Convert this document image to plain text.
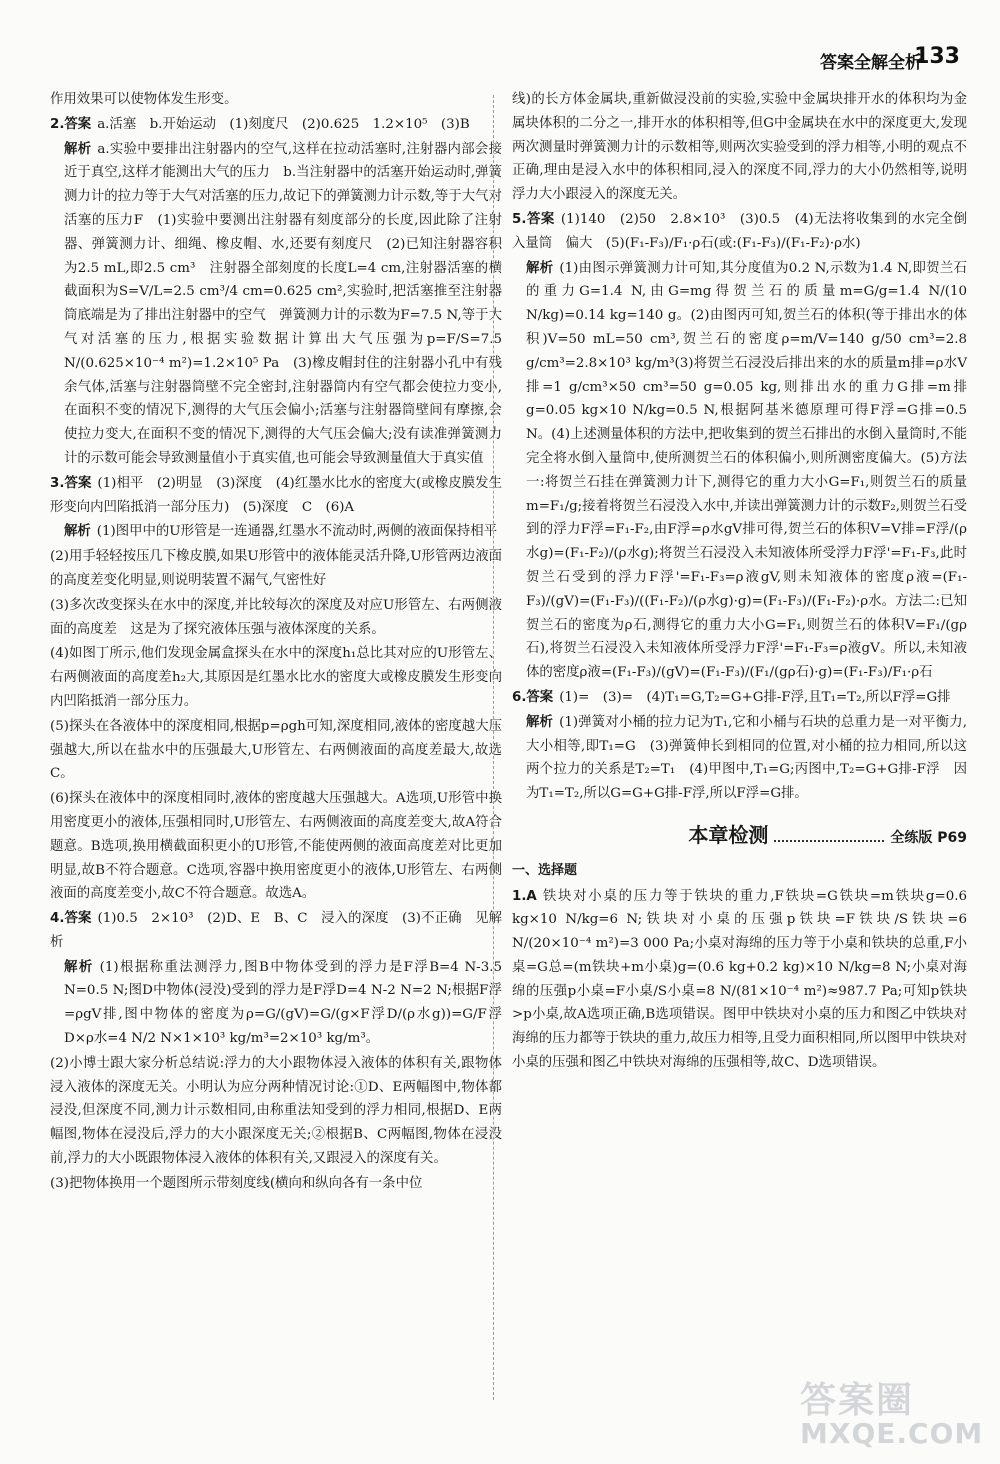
答案全解全析
133

作用效果可以使物体发生形变。

2.答案 a.活塞　b.开始运动　(1)刻度尺　(2)0.625　1.2×10⁵　(3)B

解析 a.实验中要排出注射器内的空气,这样在拉动活塞时,注射器内部会接近于真空,这样才能测出大气的压力　b.当注射器中的活塞开始运动时,弹簧测力计的拉力等于大气对活塞的压力,故记下的弹簧测力计示数,等于大气对活塞的压力F　(1)实验中要测出注射器有刻度部分的长度,因此除了注射器、弹簧测力计、细绳、橡皮帽、水,还要有刻度尺　(2)已知注射器容积为2.5 mL,即2.5 cm³　注射器全部刻度的长度L=4 cm,注射器活塞的横截面积为S=V/L=2.5 cm³/4 cm=0.625 cm²,实验时,把活塞推至注射器筒底端是为了排出注射器中的空气　弹簧测力计的示数为F=7.5 N,等于大气对活塞的压力,根据实验数据计算出大气压强为p=F/S=7.5 N/(0.625×10⁻⁴ m²)=1.2×10⁵ Pa　(3)橡皮帽封住的注射器小孔中有残余气体,活塞与注射器筒壁不完全密封,注射器筒内有空气都会使拉力变小,在面积不变的情况下,测得的大气压会偏小;活塞与注射器筒壁间有摩擦,会使拉力变大,在面积不变的情况下,测得的大气压会偏大;没有读准弹簧测力计的示数可能会导致测量值小于真实值,也可能会导致测量值大于真实值

3.答案 (1)相平　(2)明显　(3)深度　(4)红墨水比水的密度大(或橡皮膜发生形变向内凹陷抵消一部分压力)　(5)深度　C　(6)A

解析 (1)图甲中的U形管是一连通器,红墨水不流动时,两侧的液面保持相平

(2)用手轻轻按压几下橡皮膜,如果U形管中的液体能灵活升降,U形管两边液面的高度差变化明显,则说明装置不漏气,气密性好

(3)多次改变探头在水中的深度,并比较每次的深度及对应U形管左、右两侧液面的高度差　这是为了探究液体压强与液体深度的关系。

(4)如图丁所示,他们发现金属盒探头在水中的深度h₁总比其对应的U形管左、右两侧液面的高度差h₂大,其原因是红墨水比水的密度大或橡皮膜发生形变向内凹陷抵消一部分压力。

(5)探头在各液体中的深度相同,根据p=ρgh可知,深度相同,液体的密度越大压强越大,所以在盐水中的压强最大,U形管左、右两侧液面的高度差最大,故选C。

(6)探头在液体中的深度相同时,液体的密度越大压强越大。A选项,U形管中换用密度更小的液体,压强相同时,U形管左、右两侧液面的高度差变大,故A符合题意。B选项,换用横截面积更小的U形管,不能使两侧的液面高度差对比更加明显,故B不符合题意。C选项,容器中换用密度更小的液体,U形管左、右两侧液面的高度差变小,故C不符合题意。故选A。

4.答案 (1)0.5　2×10³　(2)D、E　B、C　浸入的深度　(3)不正确　见解析

解析 (1)根据称重法测浮力,图B中物体受到的浮力是F浮B=4 N-3.5 N=0.5 N;图D中物体(浸没)受到的浮力是F浮D=4 N-2 N=2 N;根据F浮=ρgV排,图中物体的密度为ρ=G/(gV)=G/(g×F浮D/(ρ水g))=G/F浮D×ρ水=4 N/2 N×1×10³ kg/m³=2×10³ kg/m³。

(2)小博士跟大家分析总结说:浮力的大小跟物体浸入液体的体积有关,跟物体浸入液体的深度无关。小明认为应分两种情况讨论:①D、E两幅图中,物体都浸没,但深度不同,测力计示数相同,由称重法知受到的浮力相同,根据D、E两幅图,物体在浸没后,浮力的大小跟深度无关;②根据B、C两幅图,物体在浸没前,浮力的大小既跟物体浸入液体的体积有关,又跟浸入的深度有关。

(3)把物体换用一个题图所示带刻度线(横向和纵向各有一条中位

线)的长方体金属块,重新做浸没前的实验,实验中金属块排开水的体积均为金属块体积的二分之一,排开水的体积相等,但G中金属块在水中的深度更大,发现两次测量时弹簧测力计的示数相等,则两次实验受到的浮力相等,小明的观点不正确,理由是浸入水中的体积相同,浸入的深度不同,浮力的大小仍然相等,说明浮力大小跟浸入的深度无关。

5.答案 (1)140　(2)50　2.8×10³　(3)0.5　(4)无法将收集到的水完全倒入量筒　偏大　(5)(F₁-F₃)/F₁·ρ石(或:(F₁-F₃)/(F₁-F₂)·ρ水)

解析 (1)由图示弹簧测力计可知,其分度值为0.2 N,示数为1.4 N,即贺兰石的重力G=1.4 N,由G=mg得贺兰石的质量m=G/g=1.4 N/(10 N/kg)=0.14 kg=140 g。(2)由图丙可知,贺兰石的体积(等于排出水的体积)V=50 mL=50 cm³,贺兰石的密度ρ=m/V=140 g/50 cm³=2.8 g/cm³=2.8×10³ kg/m³(3)将贺兰石浸没后排出来的水的质量m排=ρ水V排=1 g/cm³×50 cm³=50 g=0.05 kg,则排出水的重力G排=m排g=0.05 kg×10 N/kg=0.5 N,根据阿基米德原理可得F浮=G排=0.5 N。(4)上述测量体积的方法中,把收集到的贺兰石排出的水倒入量筒时,不能完全将水倒入量筒中,使所测贺兰石的体积偏小,则所测密度偏大。(5)方法一:将贺兰石挂在弹簧测力计下,测得它的重力大小G=F₁,则贺兰石的质量m=F₁/g;接着将贺兰石浸没入水中,并读出弹簧测力计的示数F₂,则贺兰石受到的浮力F浮=F₁-F₂,由F浮=ρ水gV排可得,贺兰石的体积V=V排=F浮/(ρ水g)=(F₁-F₂)/(ρ水g);将贺兰石浸没入未知液体所受浮力F浮'=F₁-F₃,此时贺兰石受到的浮力F浮'=F₁-F₃=ρ液gV,则未知液体的密度ρ液=(F₁-F₃)/(gV)=(F₁-F₃)/((F₁-F₂)/(ρ水g)·g)=(F₁-F₃)/(F₁-F₂)·ρ水。方法二:已知贺兰石的密度为ρ石,测得它的重力大小G=F₁,则贺兰石的体积V=F₁/(gρ石),将贺兰石浸没入未知液体所受浮力F浮'=F₁-F₃=ρ液gV。所以,未知液体的密度ρ液=(F₁-F₃)/(gV)=(F₁-F₃)/(F₁/(gρ石)·g)=(F₁-F₃)/F₁·ρ石

6.答案 (1)=　(3)=　(4)T₁=G,T₂=G+G排-F浮,且T₁=T₂,所以F浮=G排

解析 (1)弹簧对小桶的拉力记为T₁,它和小桶与石块的总重力是一对平衡力,大小相等,即T₁=G　(3)弹簧伸长到相同的位置,对小桶的拉力相同,所以这两个拉力的关系是T₂=T₁　(4)甲图中,T₁=G;丙图中,T₂=G+G排-F浮　因为T₁=T₂,所以G=G+G排-F浮,所以F浮=G排。

本章检测	全练版 P69
一、选择题

1.A 铁块对小桌的压力等于铁块的重力,F铁块=G铁块=m铁块g=0.6 kg×10 N/kg=6 N;铁块对小桌的压强p铁块=F铁块/S铁块=6 N/(20×10⁻⁴ m²)=3 000 Pa;小桌对海绵的压力等于小桌和铁块的总重,F小桌=G总=(m铁块+m小桌)g=(0.6 kg+0.2 kg)×10 N/kg=8 N;小桌对海绵的压强p小桌=F小桌/S小桌=8 N/(81×10⁻⁴ m²)≈987.7 Pa;可知p铁块>p小桌,故A选项正确,B选项错误。图甲中铁块对小桌的压力和图乙中铁块对海绵的压力都等于铁块的重力,故压力相等,且受力面积相同,所以图甲中铁块对小桌的压强和图乙中铁块对海绵的压强相等,故C、D选项错误。

答案圈
MXQE.COM
